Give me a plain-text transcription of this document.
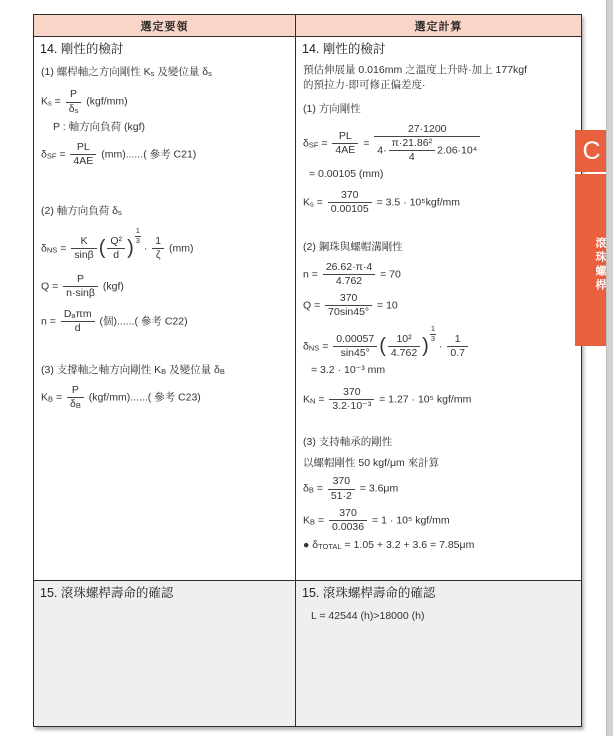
選定要領	選定計算
14. 剛性的檢討
(1) 螺桿軸之方向剛性 Ks 及變位量 δs
$Ks = \frac{P}{\delta s} (kgf/mm)$
P : 軸方向負荷 (kgf)
$\delta SF = \frac{PL}{4AE} (mm)$......( 參考 C21)
(2) 軸方向負荷 δs
$\delta NS = \frac{K}{\sin\beta}$ ( $\frac{\text{Q²}}{d}$ )
$\frac{1}{3}$
· $\frac{1}{\zeta} (mm)$
$Q = \frac{P}{n\cdot\sin\beta} (kgf)$
$n = \frac{\text{Daπm}}{d}$ (個)......( 參考 C22)
(3) 支撐軸之軸方向剛性 KB 及變位量 δB
KB = $\frac{P}{\delta B} (kgf/mm)$......( 參考 C23)
14. 剛性的檢討
預估伸展量 0.016mm 之溫度上升時·加上 177kgf
的預拉力·即可修正偏差度·
(1) 方向剛性
$\delta SF = \frac{PL}{4AE} = \frac{27\cdot 1200}{4\cdot \frac{\text{π·21.86²}}{4} 2.06\cdot 10^4}$
= 0.00105 (mm)
$Ks = \frac{370}{0.00105} = 3.5 \cdot 10^5kgf/mm$
(2) 鋼珠與螺帽溝剛性
$n = \frac{26.62\cdot\pi\cdot 4}{4.762} = 70$
$Q = \frac{370}{70\sin 45^\circ} = 10$
$\delta NS = \frac{0.00057}{\sin 45^\circ}$ ( $\frac{\text{10²}}{4.762}$ )
$\frac{1}{3}$
· $\frac{1}{0.7}$
= 3.2 · 10⁻³ mm
KN = $\frac{370}{\text{3.2·10⁻³}} = 1.27 \cdot 10^5$ kgf/mm
(3) 支持軸承的剛性
以螺帽剛性 50 kgf/μm 來計算
$\delta B = \frac{370}{51\cdot 2} = 3.6\mu m$
KB = $\frac{370}{0.0036} = 1 \cdot 10^5$ kgf/mm
● δTOTAL = 1.05 + 3.2 + 3.6 = 7.85μm
15. 滾珠螺桿壽命的確認	15. 滾珠螺桿壽命的確認
L = 42544 (h)>18000 (h)
C
滾珠螺桿
